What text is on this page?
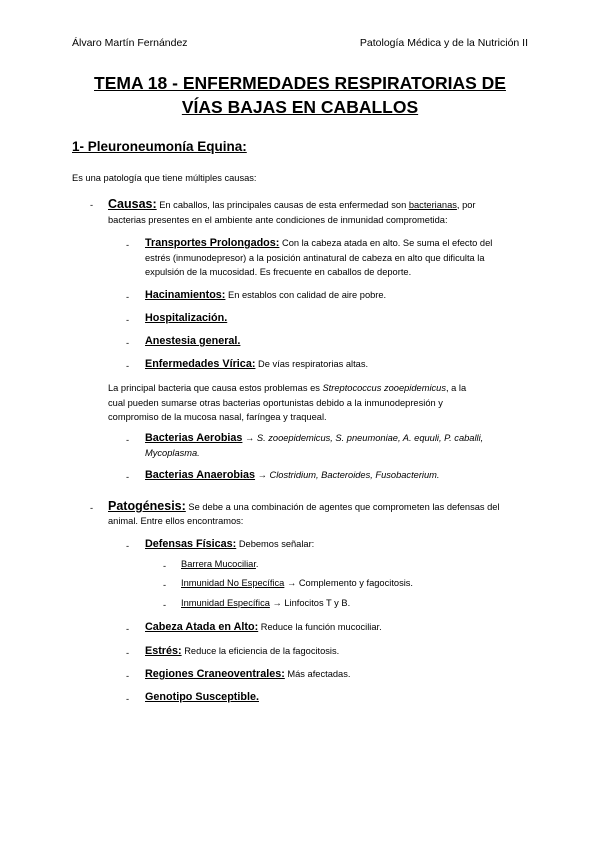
Álvaro Martín Fernández	Patología Médica y de la Nutrición II
TEMA 18 - ENFERMEDADES RESPIRATORIAS DE
VÍAS BAJAS EN CABALLOS
1- Pleuroneumonía Equina:
Es una patología que tiene múltiples causas:
- Causas: En caballos, las principales causas de esta enfermedad son bacterianas, por
bacterias presentes en el ambiente ante condiciones de inmunidad comprometida:
- Transportes Prolongados: Con la cabeza atada en alto. Se suma el efecto del
estrés (inmunodepresor) a la posición antinatural de cabeza en alto que dificulta la
expulsión de la mucosidad. Es frecuente en caballos de deporte.
- Hacinamientos: En establos con calidad de aire pobre.
- Hospitalización.
- Anestesia general.
- Enfermedades Vírica: De vías respiratorias altas.
La principal bacteria que causa estos problemas es Streptococcus zooepidemicus, a la
cual pueden sumarse otras bacterias oportunistas debido a la inmunodepresión y
compromiso de la mucosa nasal, faríngea y traqueal.
- Bacterias Aerobias → S. zooepidemicus, S. pneumoniae, A. equuli, P. caballi,
Mycoplasma.
- Bacterias Anaerobias → Clostridium, Bacteroides, Fusobacterium.
- Patogénesis: Se debe a una combinación de agentes que comprometen las defensas del
animal. Entre ellos encontramos:
- Defensas Físicas: Debemos señalar:
- Barrera Mucociliar.
- Inmunidad No Específica → Complemento y fagocitosis.
- Inmunidad Específica → Linfocitos T y B.
- Cabeza Atada en Alto: Reduce la función mucociliar.
- Estrés: Reduce la eficiencia de la fagocitosis.
- Regiones Craneoventrales: Más afectadas.
- Genotipo Susceptible.
